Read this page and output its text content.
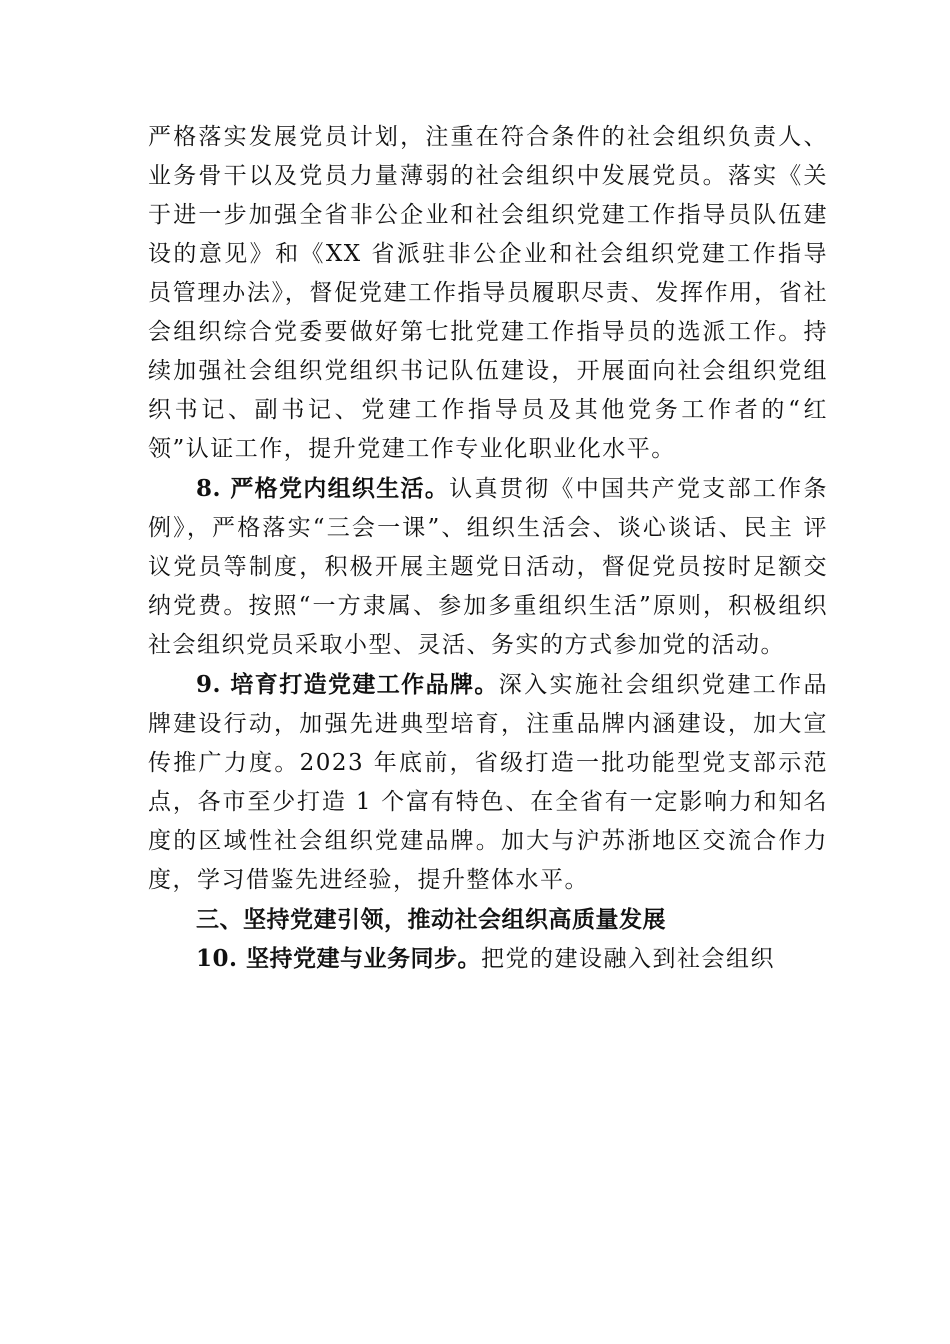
严格落实发展党员计划，注重在符合条件的社会组织负责人、业务骨干以及党员力量薄弱的社会组织中发展党员。落实《关于进一步加强全省非公企业和社会组织党建工作指导员队伍建设的意见》和《XX 省派驻非公企业和社会组织党建工作指导员管理办法》，督促党建工作指导员履职尽责、发挥作用，省社会组织综合党委要做好第七批党建工作指导员的选派工作。持续加强社会组织党组织书记队伍建设，开展面向社会组织党组织书记、副书记、党建工作指导员及其他党务工作者的“红领”认证工作，提升党建工作专业化职业化水平。

8. 严格党内组织生活。认真贯彻《中国共产党支部工作条例》，严格落实“三会一课”、组织生活会、谈心谈话、民主 评议党员等制度，积极开展主题党日活动，督促党员按时足额交纳党费。按照“一方隶属、参加多重组织生活”原则，积极组织社会组织党员采取小型、灵活、务实的方式参加党的活动。

9. 培育打造党建工作品牌。深入实施社会组织党建工作品牌建设行动，加强先进典型培育，注重品牌内涵建设，加大宣传推广力度。2023 年底前，省级打造一批功能型党支部示范点，各市至少打造 1 个富有特色、在全省有一定影响力和知名度的区域性社会组织党建品牌。加大与沪苏浙地区交流合作力度，学习借鉴先进经验，提升整体水平。

三、坚持党建引领，推动社会组织高质量发展

10. 坚持党建与业务同步。把党的建设融入到社会组织
